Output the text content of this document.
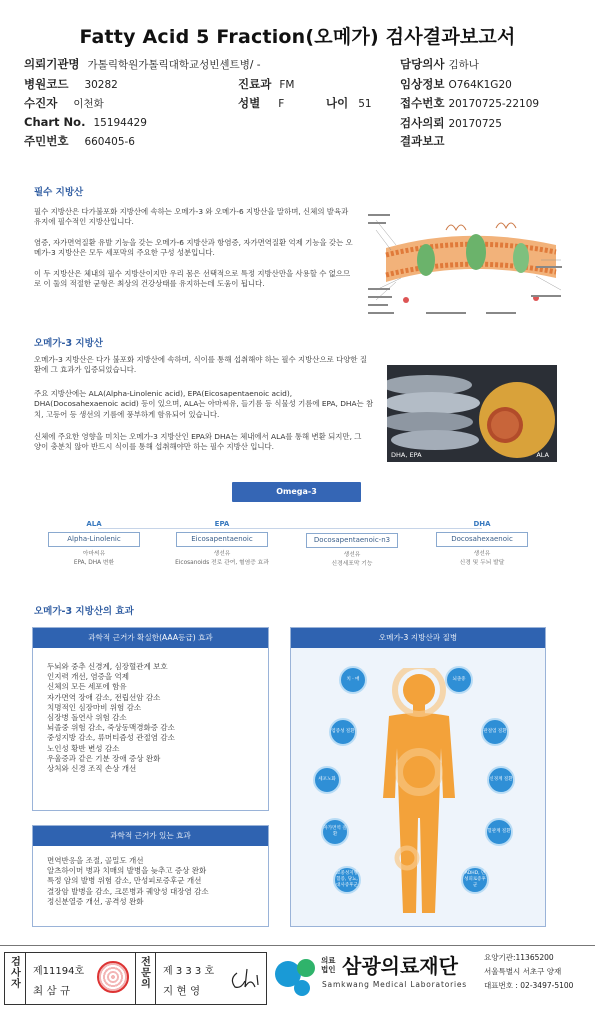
Fatty Acid 5 Fraction(오메가) 검사결과보고서
의뢰기관명 가톨릭학원가톨릭대학교성빈센트병/ -
병원코드 30282
수진자 이천화
Chart No. 15194429
주민번호 660405-6
진료과 FM
성별 F	나이 51
담당의사 김하나
임상정보 O764K1G20
접수번호 20170725-22109
검사의뢰 20170725
결과보고
필수 지방산
필수 지방산은 다가불포화 지방산에 속하는 오메가-3 와 오메가-6 지방산을 말하며, 신체의 발육과 유지에 필수적인 지방산입니다.
염증, 자가면역질환 유발 기능을 갖는 오메가-6 지방산과 항염증, 자가면역질환 억제 기능을 갖는 오메가-3 지방산은 모두 세포막의 주요한 구성 성분입니다.
이 두 지방산은 체내의 필수 지방산이지만 우리 몸은 선택적으로 특정 지방산만을 사용할 수 없으므로 이 둘의 적절한 균형은 최상의 건강상태를 유지하는데 도움이 됩니다.
오메가-3 지방산
오메가-3 지방산은 다가 불포화 지방산에 속하며, 식이를 통해 섭취해야 하는 필수 지방산으로 다양한 질환에 그 효과가 입증되었습니다.
주요 지방산에는 ALA(Alpha-Linolenic acid), EPA(Eicosapentaenoic acid), DHA(Docosahexaenoic acid) 등이 있으며, ALA는 아마씨유, 들기름 등 식물성 기름에 EPA, DHA는 참치, 고등어 등 생선의 기름에 풍부하게 함유되어 있습니다.
신체에 주요한 영향을 미치는 오메가-3 지방산인 EPA와 DHA는 체내에서 ALA를 통해 변환 되지만, 그 양이 충분치 않아 반드시 식이를 통해 섭취해야만 하는 필수 지방산 입니다.
DHA, EPA	ALA
Omega-3
ALA
Alpha-Linolenic
아마씨유
EPA, DHA 변환
EPA
Eicosapentaenoic
생선유
Eicosanoids 전로 관여, 혈염증 효과
Docosapentaenoic-n3
생선유
신경세포막 기능
DHA
Docosahexaenoic
생선유
신경 및 두뇌 발달
오메가-3 지방산의 효과
과학적 근거가 확실한(AAA등급) 효과
두뇌와 중추 신경계, 심장혈관계 보호
인지력 개선, 염증을 억제
신체의 모든 세포에 함유
자가면역 장애 감소, 전립선암 감소
치명적인 심장마비 위험 감소
심장병 돌연사 위험 감소
뇌졸중 위험 감소, 죽상동맥경화증 감소
중성지방 감소, 류머티즘성 관절염 감소
노인성 황반 변성 감소
우울증과 같은 기분 장애 증상 완화
상처와 신경 조직 손상 개선
과학적 근거가 있는 효과
면역반응을 조절, 골밀도 개선
알츠하이머 병과 치매의 발병을 늦추고 증상 완화
특정 암의 발병 위험 감소, 만성피로증후군 개선
결장암 발병을 감소, 크론병과 궤양성 대장염 감소
정신분열증 개선, 공격성 완화
오메가-3 지방산과 질병
치 · 매
염증성 질환
세포노화
자가면역 질환
고중성지방 혈증, 당뇨, 대사증후군
뇌졸중
관절염 질환
신경계 질환
혈관계 질환
ADHD, 만성피로증후군
검사자
제11194호
최 삼 규
전문의
제 3 3 3 호
지 현 영	SML
의료법인 삼광의료재단
Samkwang Medical Laboratories
요양기관:11365200
서울특별시 서초구 양재
대표번호 : 02-3497-5100
